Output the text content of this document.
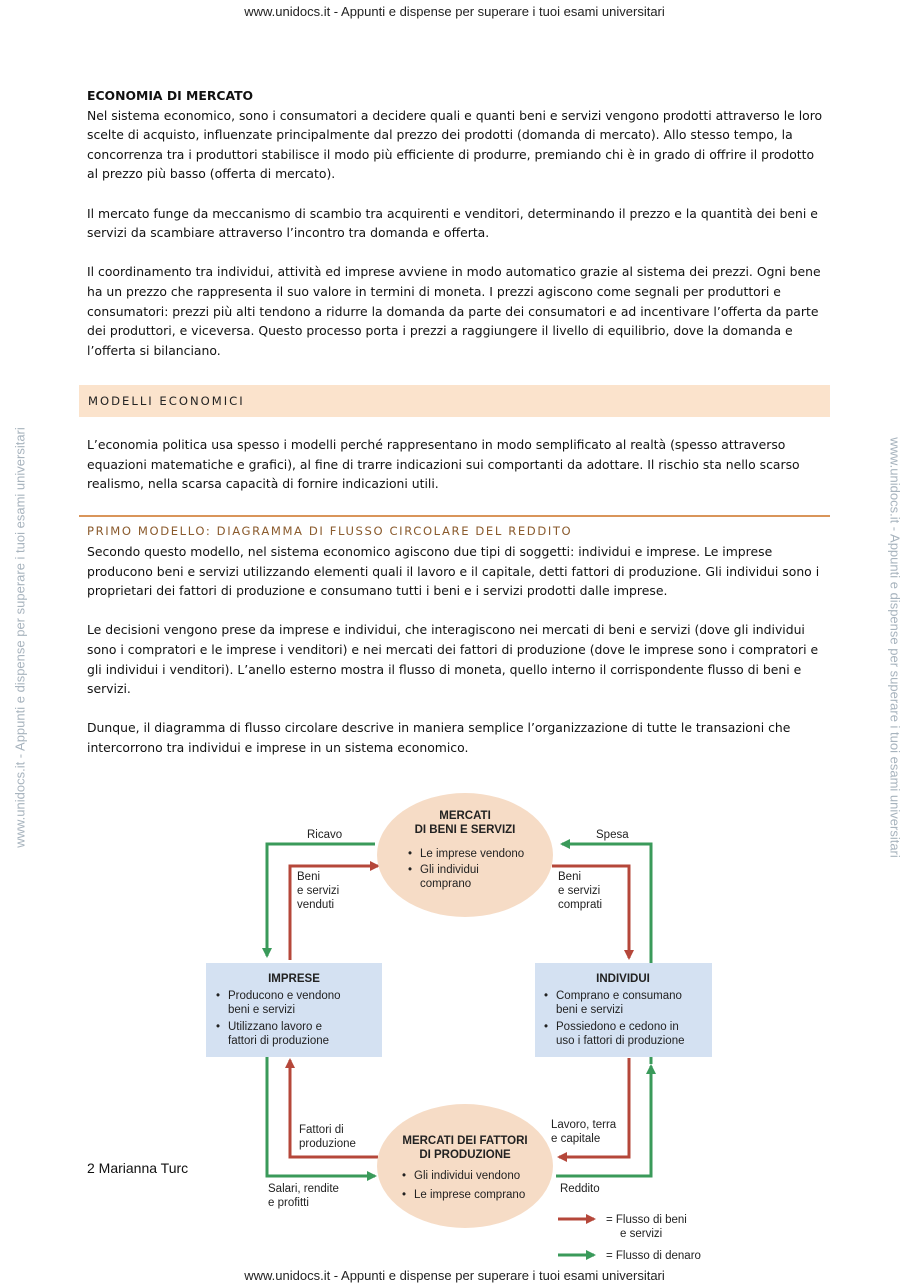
www.unidocs.it - Appunti e dispense per superare i tuoi esami universitari
www.unidocs.it - Appunti e dispense per superare i tuoi esami universitari	www.unidocs.it - Appunti e dispense per superare i tuoi esami universitari

ECONOMIA DI MERCATO

Nel sistema economico, sono i consumatori a decidere quali e quanti beni e servizi vengono prodotti attraverso le loro scelte di acquisto, influenzate principalmente dal prezzo dei prodotti (domanda di mercato). Allo stesso tempo, la concorrenza tra i produttori stabilisce il modo più efficiente di produrre, premiando chi è in grado di offrire il prodotto al prezzo più basso (offerta di mercato).

Il mercato funge da meccanismo di scambio tra acquirenti e venditori, determinando il prezzo e la quantità dei beni e servizi da scambiare attraverso l’incontro tra domanda e offerta.

Il coordinamento tra individui, attività ed imprese avviene in modo automatico grazie al sistema dei prezzi. Ogni bene ha un prezzo che rappresenta il suo valore in termini di moneta. I prezzi agiscono come segnali per produttori e consumatori: prezzi più alti tendono a ridurre la domanda da parte dei consumatori e ad incentivare l’offerta da parte dei produttori, e viceversa. Questo processo porta i prezzi a raggiungere il livello di equilibrio, dove la domanda e l’offerta si bilanciano.

MODELLI ECONOMICI

L’economia politica usa spesso i modelli perché rappresentano in modo semplificato al realtà (spesso attraverso equazioni matematiche e grafici), al fine di trarre indicazioni sui comportanti da adottare. Il rischio sta nello scarso realismo, nella scarsa capacità di fornire indicazioni utili.

PRIMO MODELLO: DIAGRAMMA DI FLUSSO CIRCOLARE DEL REDDITO

Secondo questo modello, nel sistema economico agiscono due tipi di soggetti: individui e imprese. Le imprese producono beni e servizi utilizzando elementi quali il lavoro e il capitale, detti fattori di produzione. Gli individui sono i proprietari dei fattori di produzione e consumano tutti i beni e i servizi prodotti dalle imprese.

Le decisioni vengono prese da imprese e individui, che interagiscono nei mercati di beni e servizi (dove gli individui sono i compratori e le imprese i venditori) e nei mercati dei fattori di produzione (dove le imprese sono i compratori e gli individui i venditori). L’anello esterno mostra il flusso di moneta, quello interno il corrispondente flusso di beni e servizi.

Dunque, il diagramma di flusso circolare descrive in maniera semplice l’organizzazione di tutte le transazioni che intercorrono tra individui e imprese in un sistema economico.

MERCATI
DI BENI E SERVIZI
• Le imprese vendono
• Gli individui
comprano
IMPRESE
• Producono e vendono
beni e servizi
• Utilizzano lavoro e
fattori di produzione
INDIVIDUI
• Comprano e consumano
beni e servizi
• Possiedono e cedono in
uso i fattori di produzione
MERCATI DEI FATTORI
DI PRODUZIONE
• Gli individui vendono
• Le imprese comprano
Ricavo	Spesa
Beni
e servizi
venduti
Beni
e servizi
comprati
Fattori di
produzione
Lavoro, terra
e capitale
Salari, rendite
e profitti
Reddito
= Flusso di beni
e servizi
= Flusso di denaro
2 Marianna Turc
www.unidocs.it - Appunti e dispense per superare i tuoi esami universitari
